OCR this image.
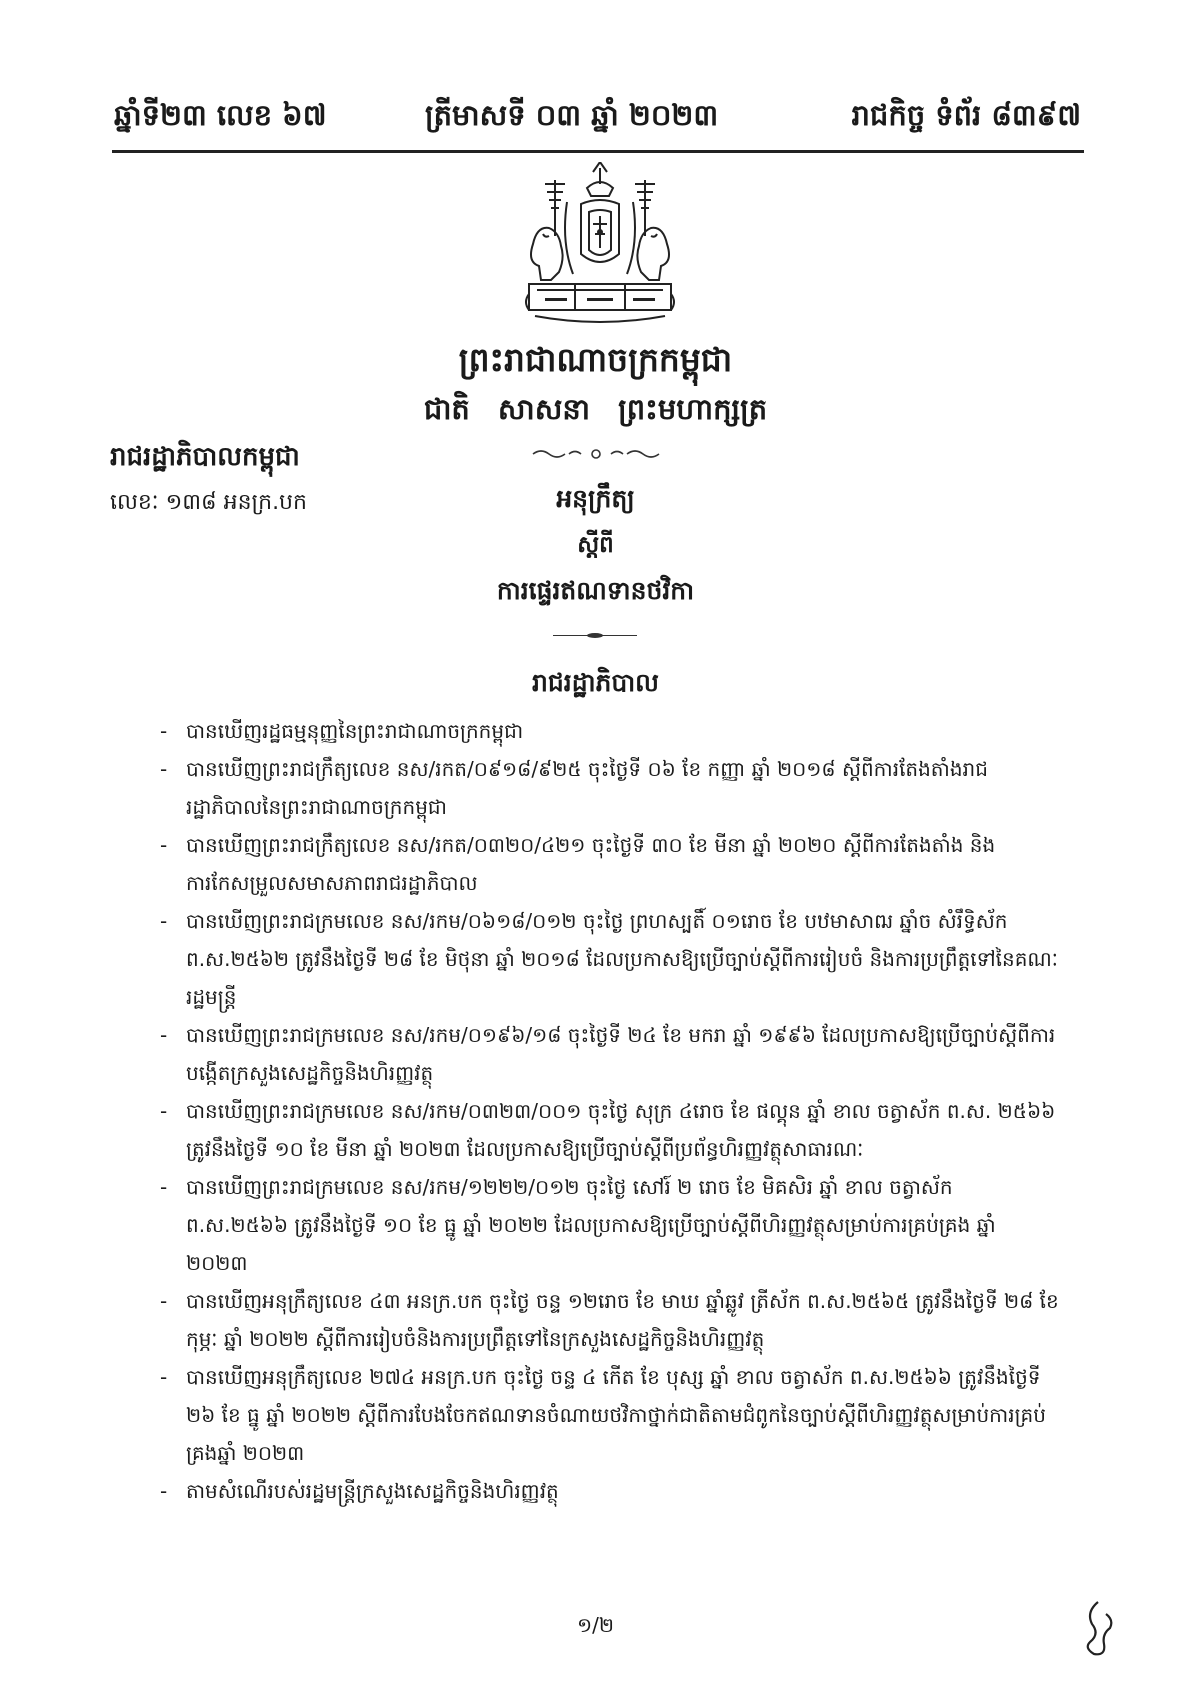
ឆ្នាំទី២៣ លេខ ៦៧	ត្រីមាសទី ០៣ ឆ្នាំ ២០២៣	រាជកិច្ច ទំព័រ ៨៣៩៧
ព្រះរាជាណាចក្រកម្ពុជា
ជាតិ សាសនា ព្រះមហាក្សត្រ
រាជរដ្ឋាភិបាលកម្ពុជា
លេខៈ ១៣៨ អនក្រ.បក	អនុក្រឹត្យ
ស្តីពី
ការផ្ទេរឥណទានថវិកា
រាជរដ្ឋាភិបាល
- បានឃើញរដ្ឋធម្មនុញ្ញនៃព្រះរាជាណាចក្រកម្ពុជា
- បានឃើញព្រះរាជក្រឹត្យលេខ នស/រកត/០៩១៨/៩២៥ ចុះថ្ងៃទី ០៦ ខែ កញ្ញា ឆ្នាំ ២០១៨ ស្តីពីការតែងតាំងរាជរដ្ឋាភិបាលនៃព្រះរាជាណាចក្រកម្ពុជា
- បានឃើញព្រះរាជក្រឹត្យលេខ នស/រកត/០៣២០/៤២១ ចុះថ្ងៃទី ៣០ ខែ មីនា ឆ្នាំ ២០២០ ស្តីពីការតែងតាំង និងការកែសម្រួលសមាសភាពរាជរដ្ឋាភិបាល
- បានឃើញព្រះរាជក្រមលេខ នស/រកម/០៦១៨/០១២ ចុះថ្ងៃ ព្រហស្បតិ៍ ០១រោច ខែ បឋមាសាឍ ឆ្នាំច សំរឹទ្ធិស័ក ព.ស.២៥៦២ ត្រូវនឹងថ្ងៃទី ២៨ ខែ មិថុនា ឆ្នាំ ២០១៨ ដែលប្រកាសឱ្យប្រើច្បាប់ស្តីពីការរៀបចំ និងការប្រព្រឹត្តទៅនៃគណៈរដ្ឋមន្ត្រី
- បានឃើញព្រះរាជក្រមលេខ នស/រកម/០១៩៦/១៨ ចុះថ្ងៃទី ២៤ ខែ មករា ឆ្នាំ ១៩៩៦ ដែលប្រកាសឱ្យប្រើច្បាប់ស្តីពីការបង្កើតក្រសួងសេដ្ឋកិច្ចនិងហិរញ្ញវត្ថុ
- បានឃើញព្រះរាជក្រមលេខ នស/រកម/០៣២៣/០០១ ចុះថ្ងៃ សុក្រ ៤រោច ខែ ផល្គុន ឆ្នាំ ខាល ចត្វាស័ក ព.ស. ២៥៦៦ ត្រូវនឹងថ្ងៃទី ១០ ខែ មីនា ឆ្នាំ ២០២៣ ដែលប្រកាសឱ្យប្រើច្បាប់ស្តីពីប្រព័ន្ធហិរញ្ញវត្ថុសាធារណៈ
- បានឃើញព្រះរាជក្រមលេខ នស/រកម/១២២២/០១២ ចុះថ្ងៃ សៅរ៍ ២ រោច ខែ មិគសិរ ឆ្នាំ ខាល ចត្វាស័ក ព.ស.២៥៦៦ ត្រូវនឹងថ្ងៃទី ១០ ខែ ធ្នូ ឆ្នាំ ២០២២ ដែលប្រកាសឱ្យប្រើច្បាប់ស្តីពីហិរញ្ញវត្ថុសម្រាប់ការគ្រប់គ្រង ឆ្នាំ ២០២៣
- បានឃើញអនុក្រឹត្យលេខ ៤៣ អនក្រ.បក ចុះថ្ងៃ ចន្ទ ១២រោច ខែ មាឃ ឆ្នាំឆ្លូវ ត្រីស័ក ព.ស.២៥៦៥ ត្រូវនឹងថ្ងៃទី ២៨ ខែ កុម្ភៈ ឆ្នាំ ២០២២ ស្តីពីការរៀបចំនិងការប្រព្រឹត្តទៅនៃក្រសួងសេដ្ឋកិច្ចនិងហិរញ្ញវត្ថុ
- បានឃើញអនុក្រឹត្យលេខ ២៧៤ អនក្រ.បក ចុះថ្ងៃ ចន្ទ ៤ កើត ខែ បុស្ស ឆ្នាំ ខាល ចត្វាស័ក ព.ស.២៥៦៦ ត្រូវនឹងថ្ងៃទី ២៦ ខែ ធ្នូ ឆ្នាំ ២០២២ ស្តីពីការបែងចែកឥណទានចំណាយថវិកាថ្នាក់ជាតិតាមជំពូកនៃច្បាប់ស្តីពីហិរញ្ញវត្ថុសម្រាប់ការគ្រប់គ្រងឆ្នាំ ២០២៣
- តាមសំណើរបស់រដ្ឋមន្ត្រីក្រសួងសេដ្ឋកិច្ចនិងហិរញ្ញវត្ថុ
១/២
